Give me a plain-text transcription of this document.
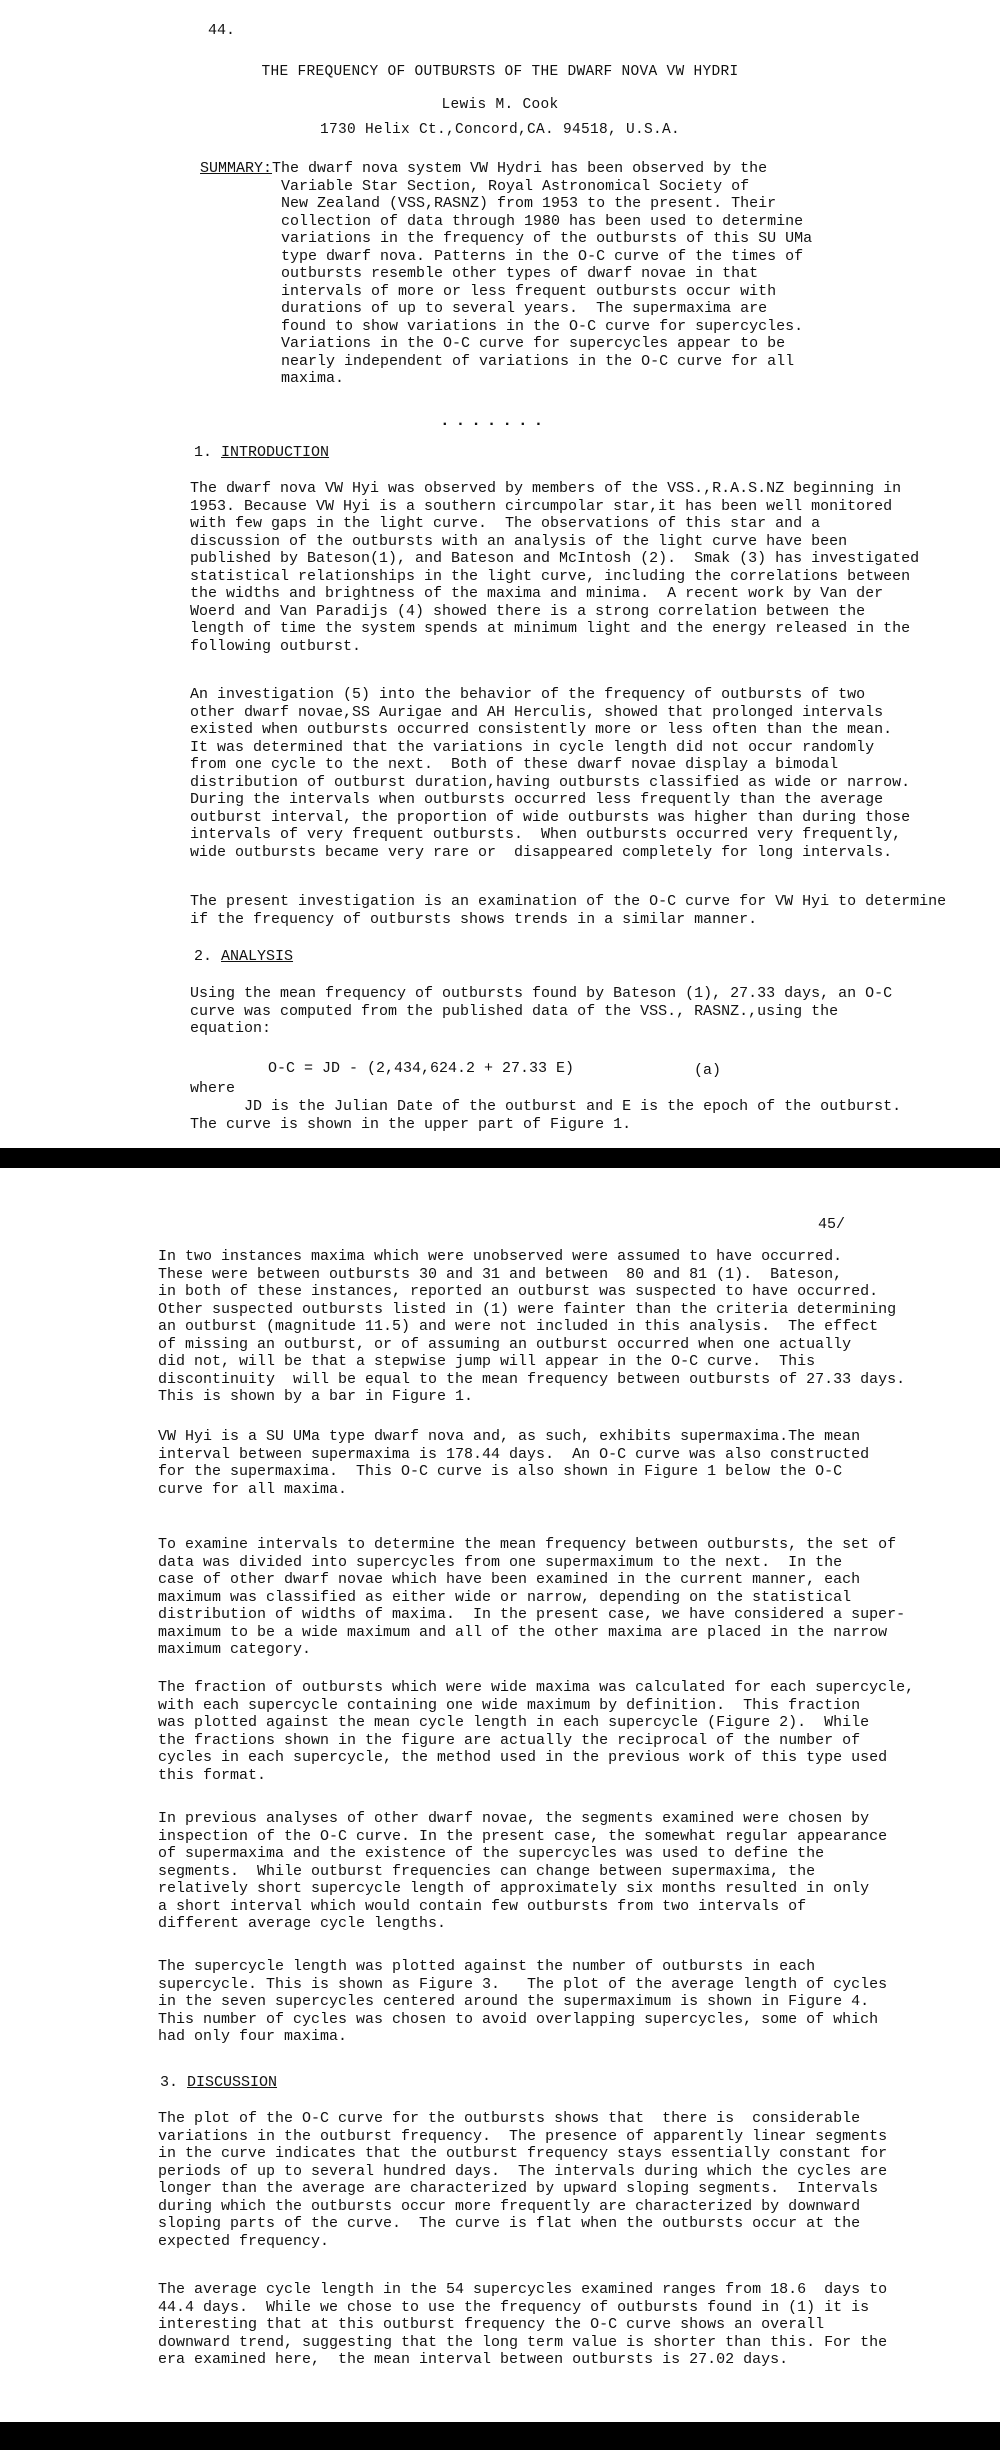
44.
THE FREQUENCY OF OUTBURSTS OF THE DWARF NOVA VW HYDRI
Lewis M. Cook
1730 Helix Ct.,Concord,CA. 94518, U.S.A.
SUMMARY:The dwarf nova system VW Hydri has been observed by the
Variable Star Section, Royal Astronomical Society of
New Zealand (VSS,RASNZ) from 1953 to the present. Their
collection of data through 1980 has been used to determine
variations in the frequency of the outbursts of this SU UMa
type dwarf nova. Patterns in the O-C curve of the times of
outbursts resemble other types of dwarf novae in that
intervals of more or less frequent outbursts occur with
durations of up to several years.  The supermaxima are
found to show variations in the O-C curve for supercycles.
Variations in the O-C curve for supercycles appear to be
nearly independent of variations in the O-C curve for all
maxima.
.......
1. INTRODUCTION
The dwarf nova VW Hyi was observed by members of the VSS.,R.A.S.NZ beginning in
1953. Because VW Hyi is a southern circumpolar star,it has been well monitored
with few gaps in the light curve.  The observations of this star and a
discussion of the outbursts with an analysis of the light curve have been
published by Bateson(1), and Bateson and McIntosh (2).  Smak (3) has investigated
statistical relationships in the light curve, including the correlations between
the widths and brightness of the maxima and minima.  A recent work by Van der
Woerd and Van Paradijs (4) showed there is a strong correlation between the
length of time the system spends at minimum light and the energy released in the
following outburst.
An investigation (5) into the behavior of the frequency of outbursts of two
other dwarf novae,SS Aurigae and AH Herculis, showed that prolonged intervals
existed when outbursts occurred consistently more or less often than the mean.
It was determined that the variations in cycle length did not occur randomly
from one cycle to the next.  Both of these dwarf novae display a bimodal
distribution of outburst duration,having outbursts classified as wide or narrow.
During the intervals when outbursts occurred less frequently than the average
outburst interval, the proportion of wide outbursts was higher than during those
intervals of very frequent outbursts.  When outbursts occurred very frequently,
wide outbursts became very rare or  disappeared completely for long intervals.
The present investigation is an examination of the O-C curve for VW Hyi to determine
if the frequency of outbursts shows trends in a similar manner.
2. ANALYSIS
Using the mean frequency of outbursts found by Bateson (1), 27.33 days, an O-C
curve was computed from the published data of the VSS., RASNZ.,using the
equation:
O-C = JD - (2,434,624.2 + 27.33 E)	(a)
where
JD is the Julian Date of the outburst and E is the epoch of the outburst.
The curve is shown in the upper part of Figure 1.
45/
In two instances maxima which were unobserved were assumed to have occurred.
These were between outbursts 30 and 31 and between  80 and 81 (1).  Bateson,
in both of these instances, reported an outburst was suspected to have occurred.
Other suspected outbursts listed in (1) were fainter than the criteria determining
an outburst (magnitude 11.5) and were not included in this analysis.  The effect
of missing an outburst, or of assuming an outburst occurred when one actually
did not, will be that a stepwise jump will appear in the O-C curve.  This
discontinuity  will be equal to the mean frequency between outbursts of 27.33 days.
This is shown by a bar in Figure 1.
VW Hyi is a SU UMa type dwarf nova and, as such, exhibits supermaxima.The mean
interval between supermaxima is 178.44 days.  An O-C curve was also constructed
for the supermaxima.  This O-C curve is also shown in Figure 1 below the O-C
curve for all maxima.
To examine intervals to determine the mean frequency between outbursts, the set of
data was divided into supercycles from one supermaximum to the next.  In the
case of other dwarf novae which have been examined in the current manner, each
maximum was classified as either wide or narrow, depending on the statistical
distribution of widths of maxima.  In the present case, we have considered a super-
maximum to be a wide maximum and all of the other maxima are placed in the narrow
maximum category.
The fraction of outbursts which were wide maxima was calculated for each supercycle,
with each supercycle containing one wide maximum by definition.  This fraction
was plotted against the mean cycle length in each supercycle (Figure 2).  While
the fractions shown in the figure are actually the reciprocal of the number of
cycles in each supercycle, the method used in the previous work of this type used
this format.
In previous analyses of other dwarf novae, the segments examined were chosen by
inspection of the O-C curve. In the present case, the somewhat regular appearance
of supermaxima and the existence of the supercycles was used to define the
segments.  While outburst frequencies can change between supermaxima, the
relatively short supercycle length of approximately six months resulted in only
a short interval which would contain few outbursts from two intervals of
different average cycle lengths.
The supercycle length was plotted against the number of outbursts in each
supercycle. This is shown as Figure 3.   The plot of the average length of cycles
in the seven supercycles centered around the supermaximum is shown in Figure 4.
This number of cycles was chosen to avoid overlapping supercycles, some of which
had only four maxima.
3. DISCUSSION
The plot of the O-C curve for the outbursts shows that  there is  considerable
variations in the outburst frequency.  The presence of apparently linear segments
in the curve indicates that the outburst frequency stays essentially constant for
periods of up to several hundred days.  The intervals during which the cycles are
longer than the average are characterized by upward sloping segments.  Intervals
during which the outbursts occur more frequently are characterized by downward
sloping parts of the curve.  The curve is flat when the outbursts occur at the
expected frequency.
The average cycle length in the 54 supercycles examined ranges from 18.6  days to
44.4 days.  While we chose to use the frequency of outbursts found in (1) it is
interesting that at this outburst frequency the O-C curve shows an overall
downward trend, suggesting that the long term value is shorter than this. For the
era examined here,  the mean interval between outbursts is 27.02 days.
